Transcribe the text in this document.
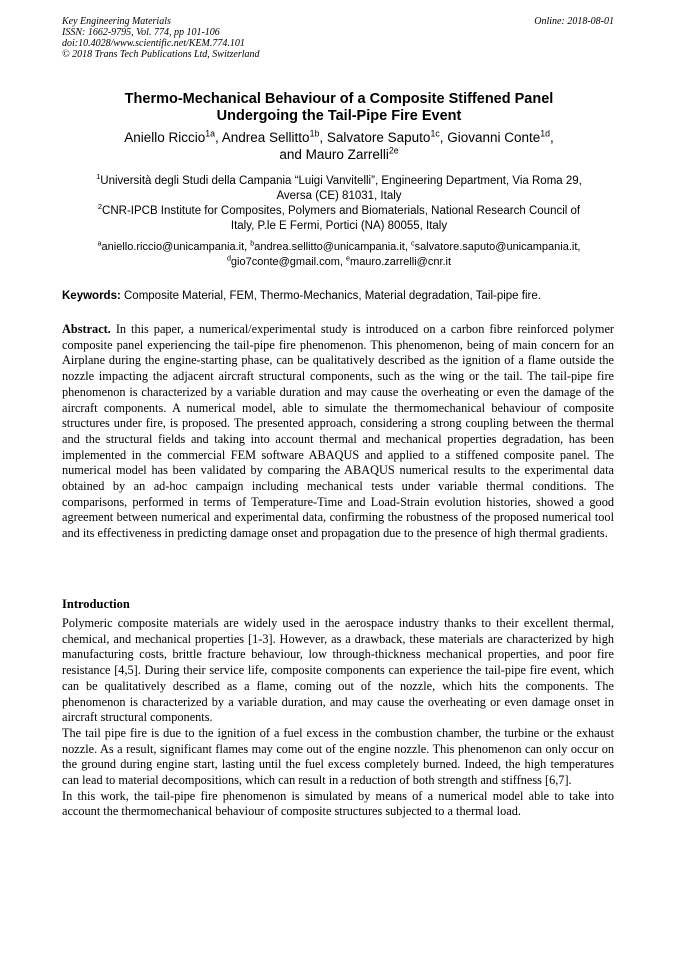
Key Engineering Materials
ISSN: 1662-9795, Vol. 774, pp 101-106
doi:10.4028/www.scientific.net/KEM.774.101
© 2018 Trans Tech Publications Ltd, Switzerland
Online: 2018-08-01
Thermo-Mechanical Behaviour of a Composite Stiffened Panel
Undergoing the Tail-Pipe Fire Event
Aniello Riccio$^{1a}$, Andrea Sellitto$^{1b}$, Salvatore Saputo$^{1c}$, Giovanni Conte$^{1d}$,
and Mauro Zarrelli$^{2e}$
$^1$Università degli Studi della Campania “Luigi Vanvitelli”, Engineering Department, Via Roma 29,
Aversa (CE) 81031, Italy
$^2$CNR-IPCB Institute for Composites, Polymers and Biomaterials, National Research Council of
Italy, P.le E Fermi, Portici (NA) 80055, Italy
$^a$aniello.riccio@unicampania.it, $^b$andrea.sellitto@unicampania.it, $^c$salvatore.saputo@unicampania.it,
$^d$gio7conte@gmail.com, $^e$mauro.zarrelli@cnr.it
Keywords: Composite Material, FEM, Thermo-Mechanics, Material degradation, Tail-pipe fire.
Abstract. In this paper, a numerical/experimental study is introduced on a carbon fibre reinforced polymer composite panel experiencing the tail-pipe fire phenomenon. This phenomenon, being of main concern for an Airplane during the engine-starting phase, can be qualitatively described as the ignition of a flame outside the nozzle impacting the adjacent aircraft structural components, such as the wing or the tail. The tail-pipe fire phenomenon is characterized by a variable duration and may cause the overheating or even the damage of the aircraft components. A numerical model, able to simulate the thermomechanical behaviour of composite structures under fire, is proposed. The presented approach, considering a strong coupling between the thermal and the structural fields and taking into account thermal and mechanical properties degradation, has been implemented in the commercial FEM software ABAQUS and applied to a stiffened composite panel. The numerical model has been validated by comparing the ABAQUS numerical results to the experimental data obtained by an ad-hoc campaign including mechanical tests under variable thermal conditions. The comparisons, performed in terms of Temperature-Time and Load-Strain evolution histories, showed a good agreement between numerical and experimental data, confirming the robustness of the proposed numerical tool and its effectiveness in predicting damage onset and propagation due to the presence of high thermal gradients.
Introduction

Polymeric composite materials are widely used in the aerospace industry thanks to their excellent thermal, chemical, and mechanical properties [1-3]. However, as a drawback, these materials are characterized by high manufacturing costs, brittle fracture behaviour, low through-thickness mechanical properties, and poor fire resistance [4,5]. During their service life, composite components can experience the tail-pipe fire event, which can be qualitatively described as a flame, coming out of the nozzle, which hits the components. The phenomenon is characterized by a variable duration, and may cause the overheating or even damage onset in aircraft structural components.

The tail pipe fire is due to the ignition of a fuel excess in the combustion chamber, the turbine or the exhaust nozzle. As a result, significant flames may come out of the engine nozzle. This phenomenon can only occur on the ground during engine start, lasting until the fuel excess completely burned. Indeed, the high temperatures can lead to material decompositions, which can result in a reduction of both strength and stiffness [6,7].

In this work, the tail-pipe fire phenomenon is simulated by means of a numerical model able to take into account the thermomechanical behaviour of composite structures subjected to a thermal load.
